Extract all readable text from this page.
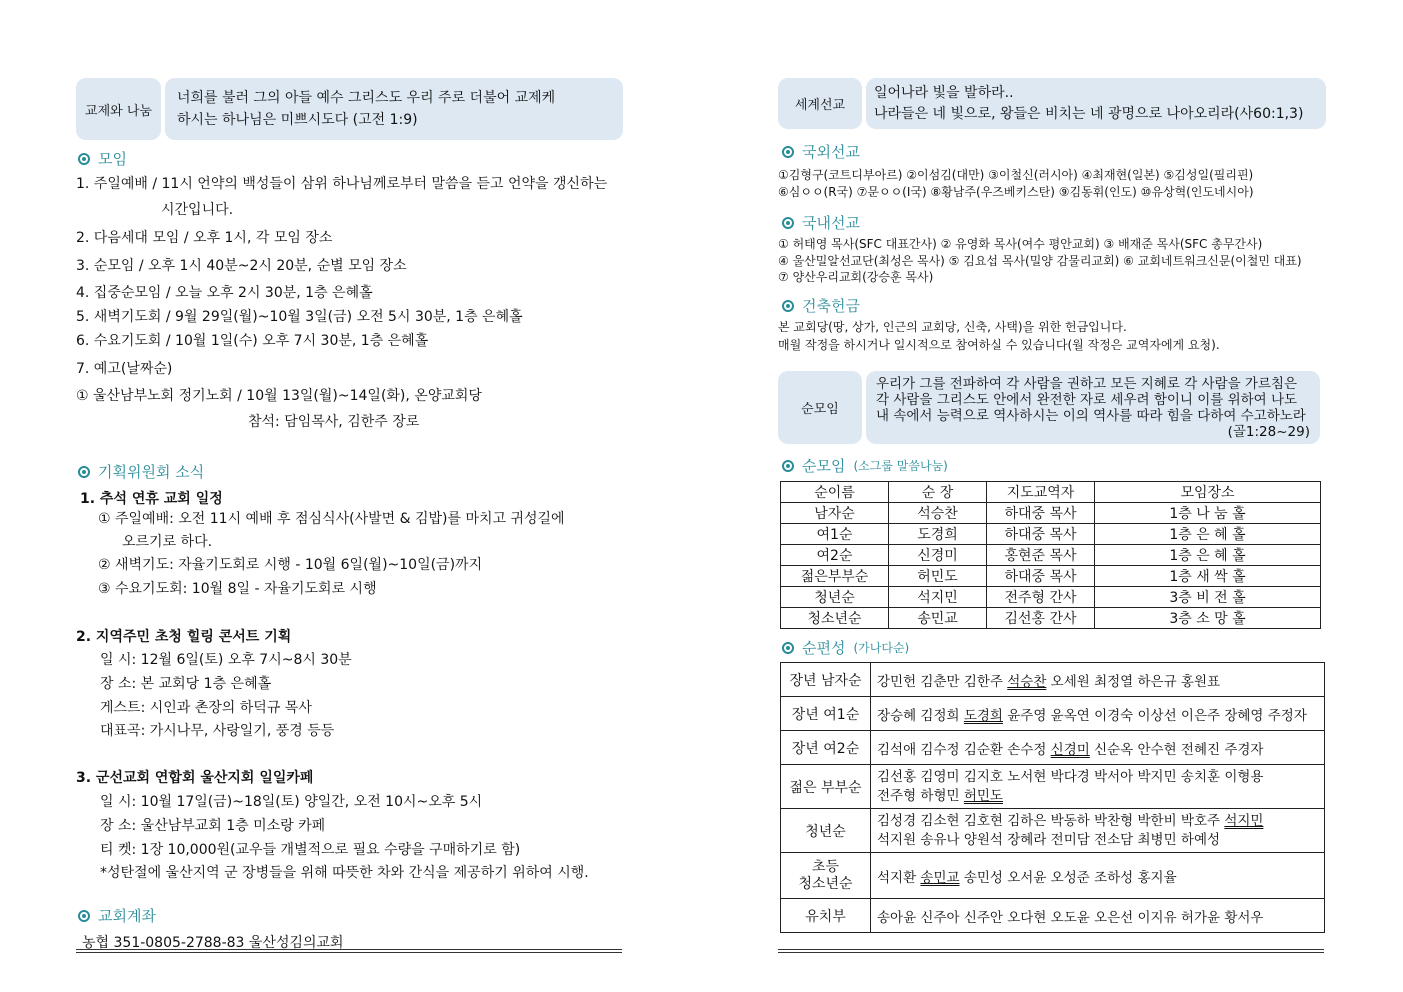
교제와 나눔
너희를 불러 그의 아들 예수 그리스도 우리 주로 더불어 교제케
하시는 하나님은 미쁘시도다 (고전 1:9)
모임
1. 주일예배 / 11시 언약의 백성들이 삼위 하나님께로부터 말씀을 듣고 언약을 갱신하는
시간입니다.
2. 다음세대 모임 / 오후 1시, 각 모임 장소
3. 순모임 / 오후 1시 40분~2시 20분, 순별 모임 장소
4. 집중순모임 / 오늘 오후 2시 30분, 1층 은혜홀
5. 새벽기도회 / 9월 29일(월)~10월 3일(금) 오전 5시 30분, 1층 은혜홀
6. 수요기도회 / 10월 1일(수) 오후 7시 30분, 1층 은혜홀
7. 예고(날짜순)
① 울산남부노회 정기노회 / 10월 13일(월)~14일(화), 온양교회당
참석: 담임목사, 김한주 장로
기획위원회 소식
1. 추석 연휴 교회 일정
① 주일예배: 오전 11시 예배 후 점심식사(사발면 & 김밥)를 마치고 귀성길에
오르기로 하다.
② 새벽기도: 자율기도회로 시행 - 10월 6일(월)~10일(금)까지
③ 수요기도회: 10월 8일 - 자율기도회로 시행
2. 지역주민 초청 힐링 콘서트 기획
일 시: 12월 6일(토) 오후 7시~8시 30분
장 소: 본 교회당 1층 은혜홀
게스트: 시인과 촌장의 하덕규 목사
대표곡: 가시나무, 사랑일기, 풍경 등등
3. 군선교회 연합회 울산지회 일일카페
일 시: 10월 17일(금)~18일(토) 양일간, 오전 10시~오후 5시
장 소: 울산남부교회 1층 미소랑 카페
티 켓: 1장 10,000원(교우들 개별적으로 필요 수량을 구매하기로 함)
*성탄절에 울산지역 군 장병들을 위해 따뜻한 차와 간식을 제공하기 위하여 시행.
교회계좌
농협 351-0805-2788-83 울산성김의교회
세계선교
일어나라 빛을 발하라..
나라들은 네 빛으로, 왕들은 비치는 네 광명으로 나아오리라(사60:1,3)
국외선교
①김형구(코트디부아르) ②이섬김(대만) ③이철신(러시아) ④최재현(일본) ⑤김성일(필리핀)
⑥심ㅇㅇ(R국) ⑦문ㅇㅇ(I국) ⑧황남주(우즈베키스탄) ⑨김동휘(인도) ⑩유상혁(인도네시아)
국내선교
① 허태영 목사(SFC 대표간사) ② 유영화 목사(여수 평안교회) ③ 배재준 목사(SFC 총무간사)
④ 울산밀알선교단(최성은 목사) ⑤ 김요섭 목사(밀양 감물리교회) ⑥ 교회네트워크신문(이철민 대표)
⑦ 양산우리교회(강승훈 목사)
건축헌금
본 교회당(땅, 상가, 인근의 교회당, 신축, 사택)을 위한 헌금입니다.
매월 작정을 하시거나 일시적으로 참여하실 수 있습니다(월 작정은 교역자에게 요청).
순모임
우리가 그를 전파하여 각 사람을 권하고 모든 지혜로 각 사람을 가르침은
각 사람을 그리스도 안에서 완전한 자로 세우려 함이니 이를 위하여 나도
내 속에서 능력으로 역사하시는 이의 역사를 따라 힘을 다하여 수고하노라
(골1:28~29)
순모임 (소그룹 말씀나눔)
순이름	순 장	지도교역자	모임장소
남자순	석승찬	하대중 목사	1층 나 눔 홀
여1순	도경희	하대중 목사	1층 은 혜 홀
여2순	신경미	홍현준 목사	1층 은 혜 홀
젊은부부순	허민도	하대중 목사	1층 새 싹 홀
청년순	석지민	전주형 간사	3층 비 전 홀
청소년순	송민교	김선홍 간사	3층 소 망 홀
순편성 (가나다순)
장년 남자순	강민헌 김춘만 김한주 석승찬 오세원 최정열 하은규 홍원표
장년 여1순	장승혜 김정희 도경희 윤주영 윤옥연 이경숙 이상선 이은주 장혜영 주정자
장년 여2순	김석애 김수정 김순환 손수정 신경미 신순옥 안수현 전혜진 주경자
젊은 부부순	김선홍 김영미 김지호 노서현 박다경 박서아 박지민 송치훈 이형용
전주형 하형민 허민도

청년순	김성경 김소현 김호현 김하은 박동하 박찬형 박한비 박호주 석지민
석지원 송유나 양원석 장혜라 전미담 전소담 최병민 하예성

초등
청소년순	석지환 송민교 송민성 오서윤 오성준 조하성 홍지율
유치부	송아윤 신주아 신주안 오다현 오도윤 오은선 이지유 허가윤 황서우
